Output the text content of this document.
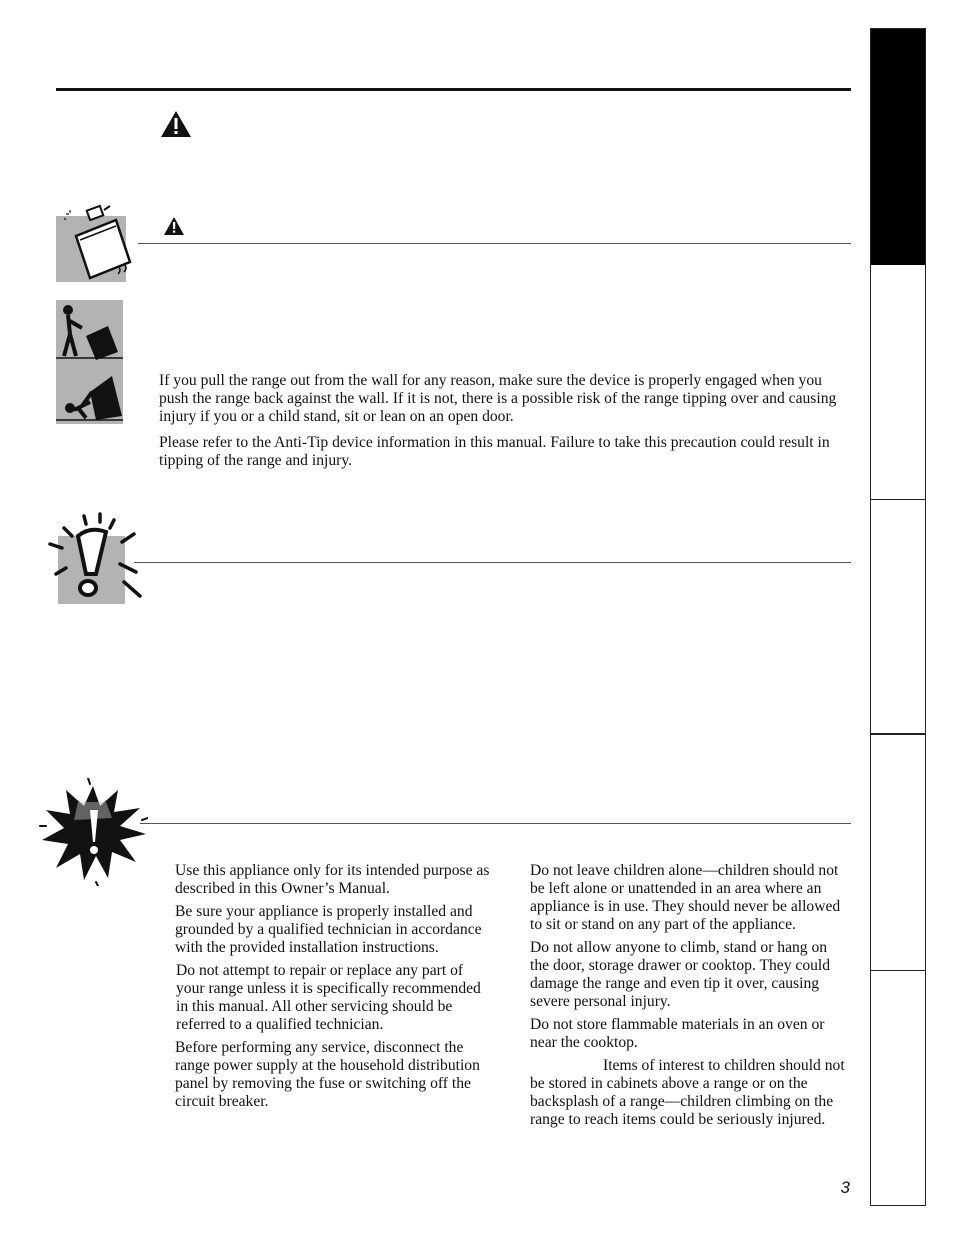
If you pull the range out from the wall for any reason, make sure the device is properly engaged when you push the range back against the wall. If it is not, there is a possible risk of the range tipping over and causing injury if you or a child stand, sit or lean on an open door.

Please refer to the Anti-Tip device information in this manual. Failure to take this precaution could result in tipping of the range and injury.

Use this appliance only for its intended purpose as described in this Owner’s Manual.

Be sure your appliance is properly installed and grounded by a qualified technician in accordance with the provided installation instructions.

Do not attempt to repair or replace any part of your range unless it is specifically recommended in this manual. All other servicing should be referred to a qualified technician.

Before performing any service, disconnect the range power supply at the household distribution panel by removing the fuse or switching off the circuit breaker.

Do not leave children alone—children should not be left alone or unattended in an area where an appliance is in use. They should never be allowed to sit or stand on any part of the appliance.

Do not allow anyone to climb, stand or hang on the door, storage drawer or cooktop. They could damage the range and even tip it over, causing severe personal injury.

Do not store flammable materials in an oven or near the cooktop.

Items of interest to children should not be stored in cabinets above a range or on the backsplash of a range—children climbing on the range to reach items could be seriously injured.

3
